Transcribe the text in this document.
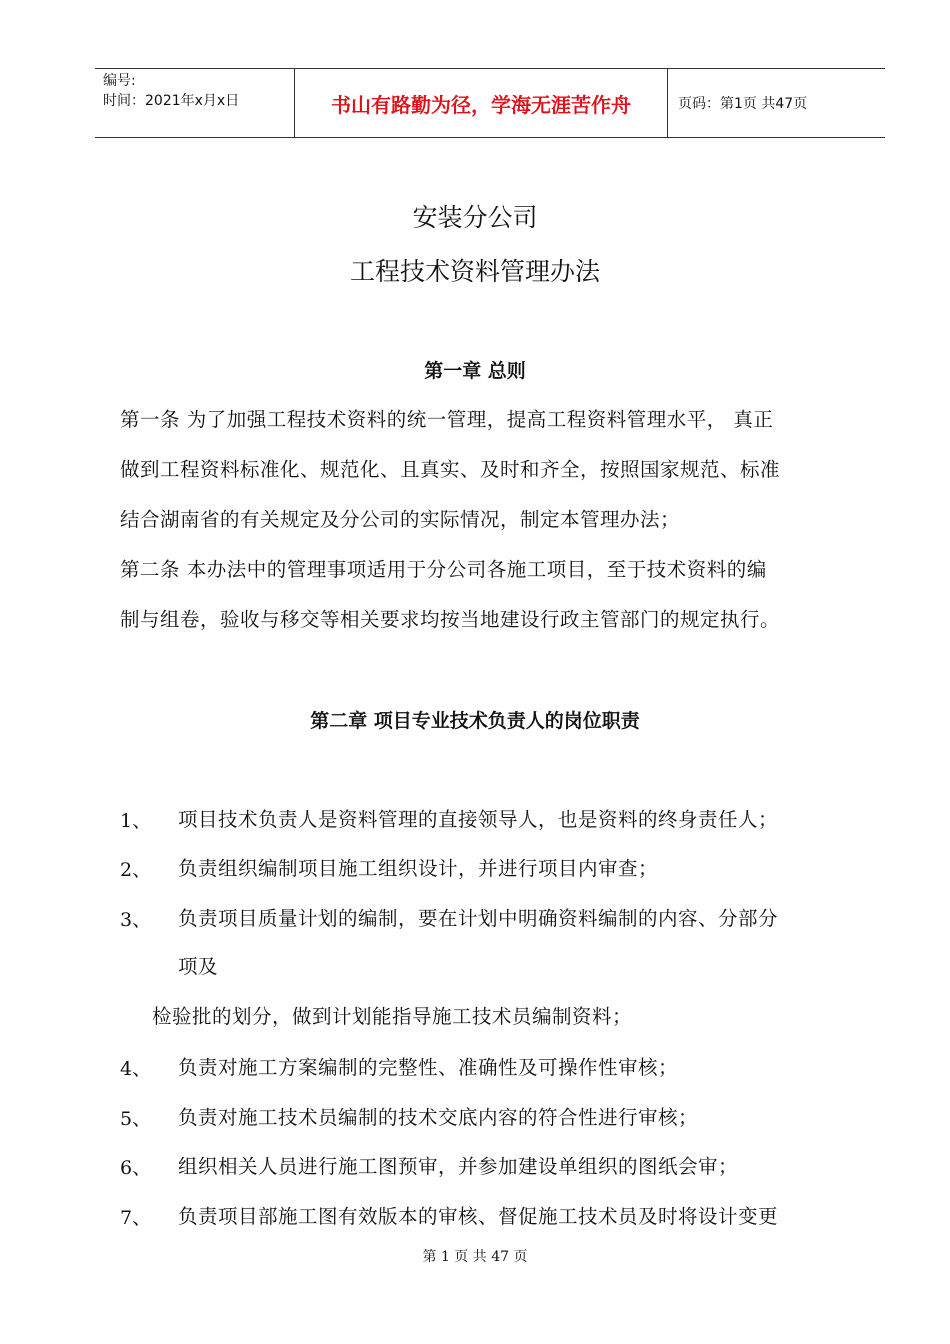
编号:
时间：2021年x月x日	书山有路勤为径，学海无涯苦作舟	页码：第1页 共47页
安装分公司
工程技术资料管理办法
第一章 总则
第一条 为了加强工程技术资料的统一管理，提高工程资料管理水平， 真正
做到工程资料标准化、规范化、且真实、及时和齐全，按照国家规范、标准
结合湖南省的有关规定及分公司的实际情况，制定本管理办法；
第二条 本办法中的管理事项适用于分公司各施工项目，至于技术资料的编
制与组卷，验收与移交等相关要求均按当地建设行政主管部门的规定执行。
第二章 项目专业技术负责人的岗位职责
1、 项目技术负责人是资料管理的直接领导人，也是资料的终身责任人；
2、 负责组织编制项目施工组织设计，并进行项目内审查；
3、 负责项目质量计划的编制，要在计划中明确资料编制的内容、分部分
项及
检验批的划分，做到计划能指导施工技术员编制资料；
4、 负责对施工方案编制的完整性、准确性及可操作性审核；
5、 负责对施工技术员编制的技术交底内容的符合性进行审核；
6、 组织相关人员进行施工图预审，并参加建设单组织的图纸会审；
7、 负责项目部施工图有效版本的审核、督促施工技术员及时将设计变更
第 1 页 共 47 页
